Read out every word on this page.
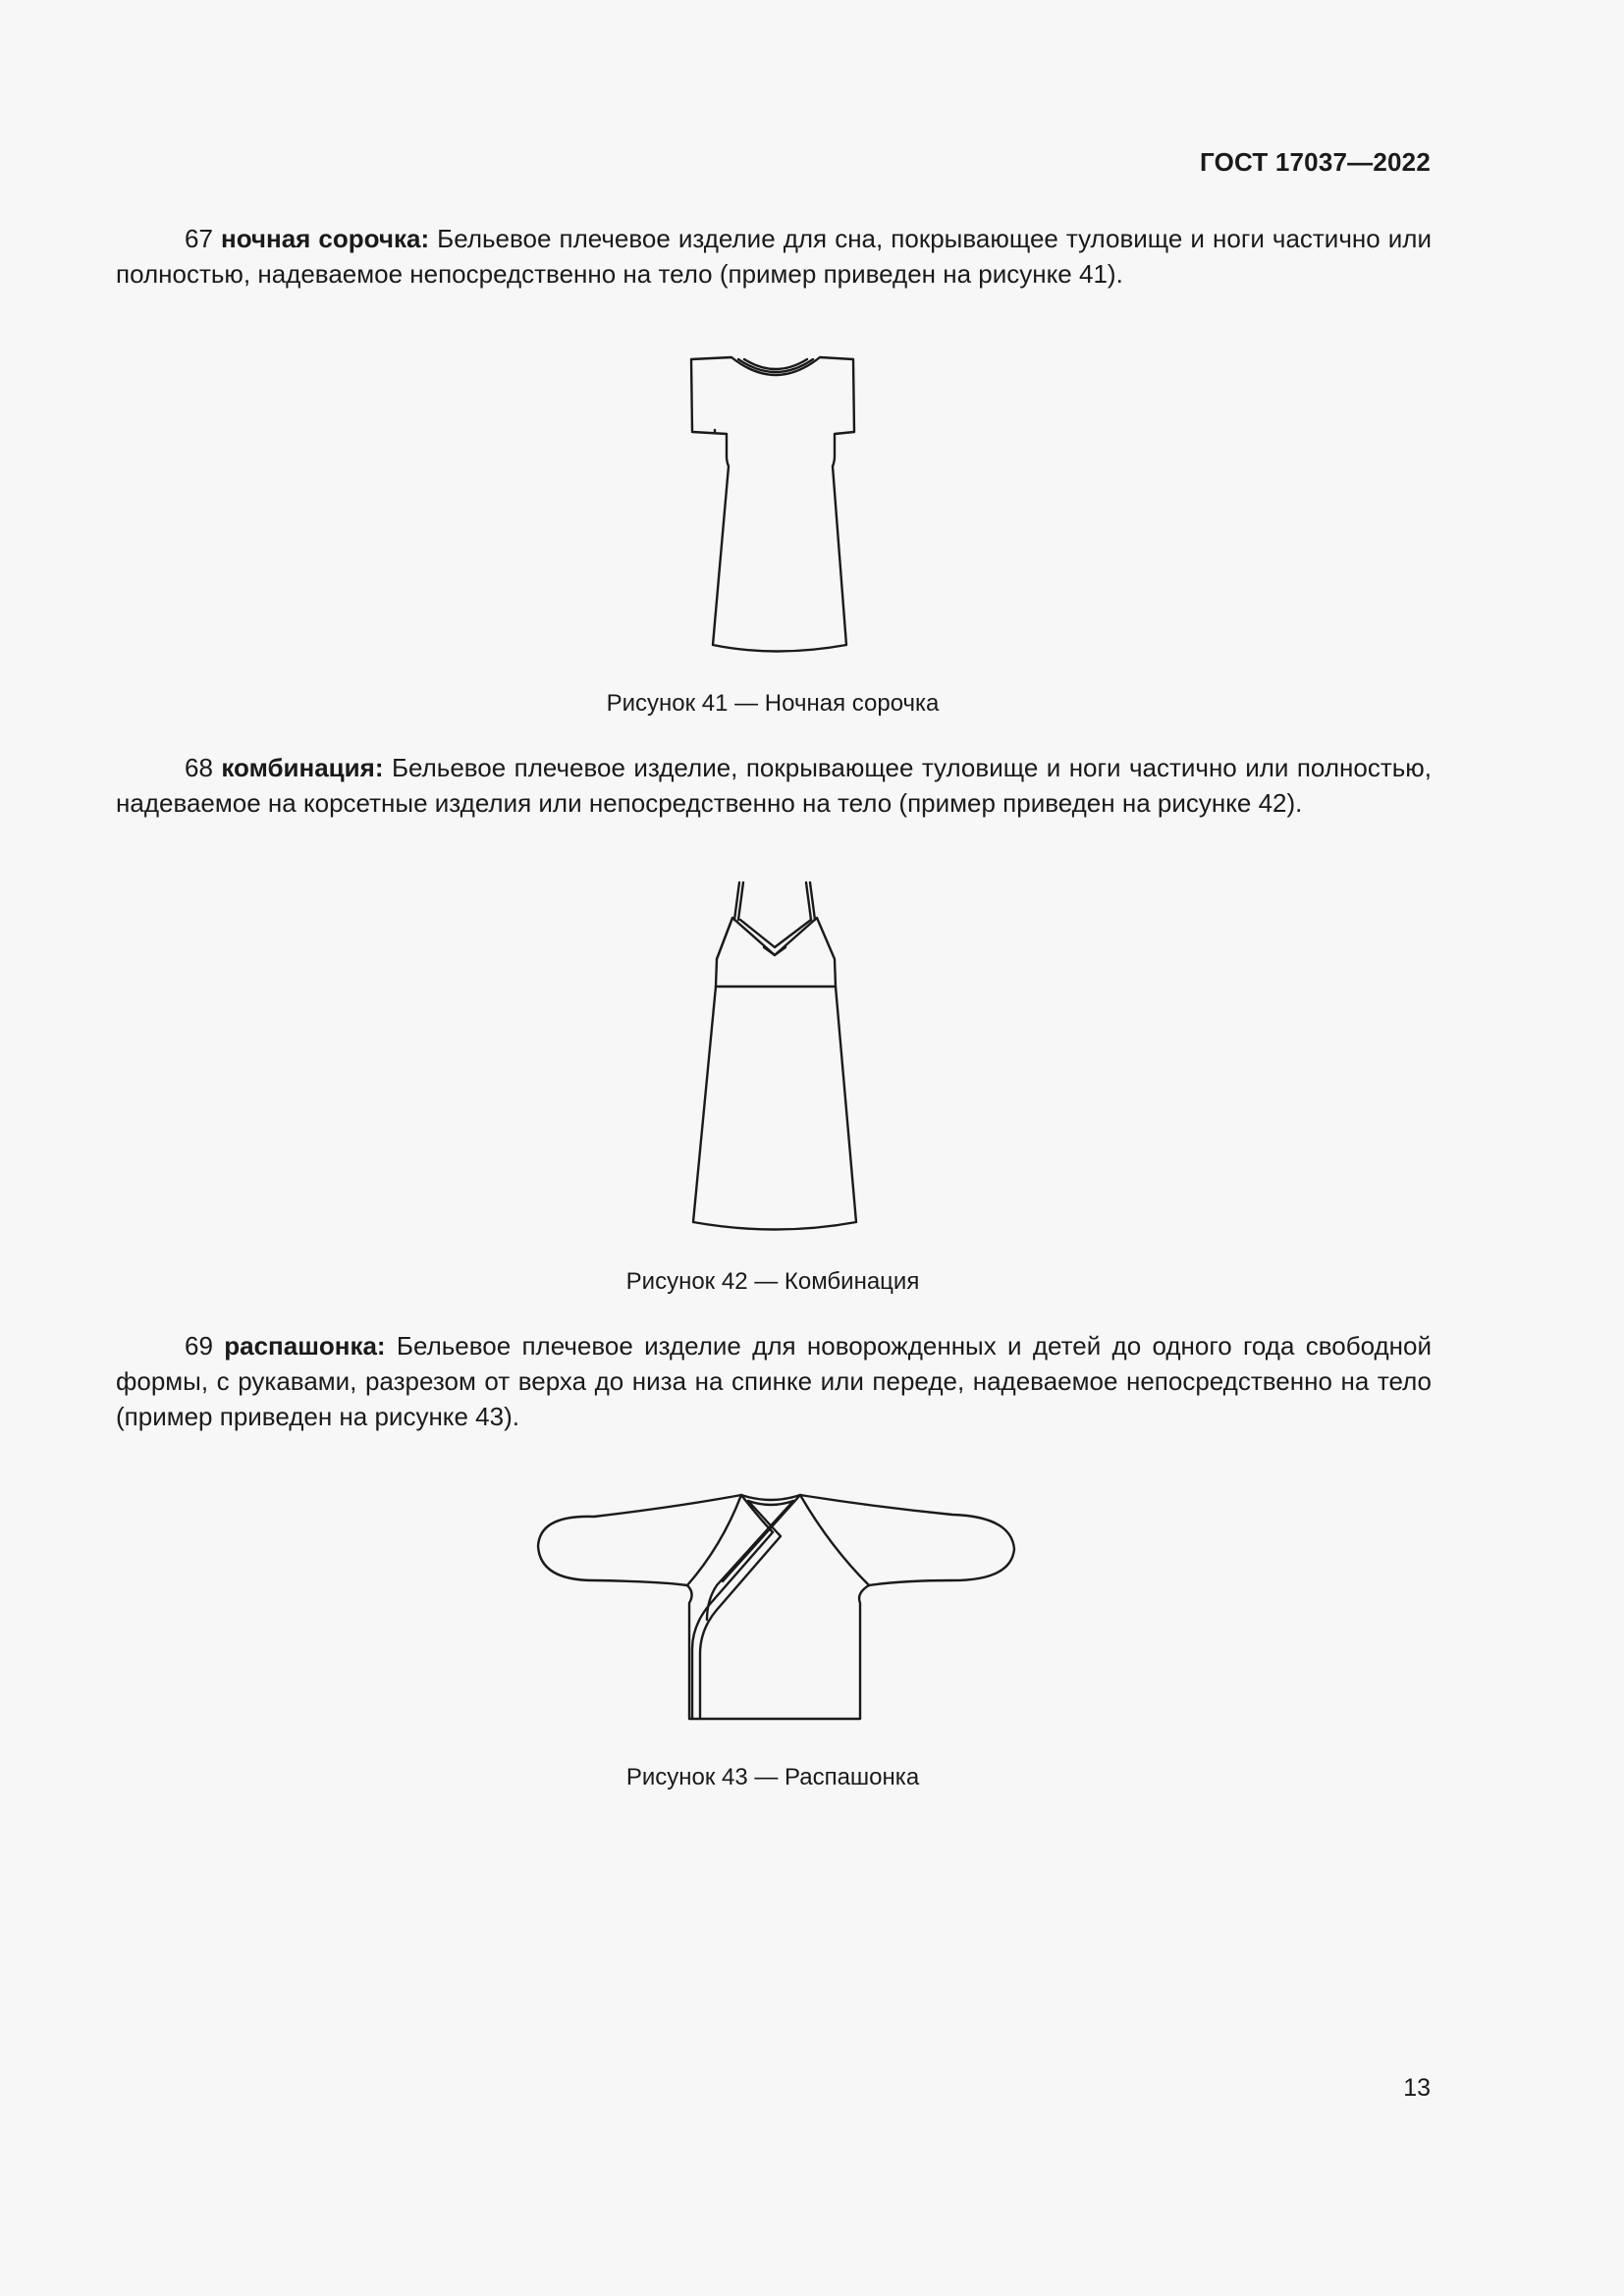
ГОСТ 17037—2022

67 ночная сорочка: Бельевое плечевое изделие для сна, покрывающее туловище и ноги частично или полностью, надеваемое непосредственно на тело (пример приведен на рисунке 41).

Рисунок 41 — Ночная сорочка

68 комбинация: Бельевое плечевое изделие, покрывающее туловище и ноги частично или полностью, надеваемое на корсетные изделия или непосредственно на тело (пример приведен на рисунке 42).

Рисунок 42 — Комбинация

69 распашонка: Бельевое плечевое изделие для новорожденных и детей до одного года свободной формы, с рукавами, разрезом от верха до низа на спинке или переде, надеваемое непосредственно на тело (пример приведен на рисунке 43).

Рисунок 43 — Распашонка
13
